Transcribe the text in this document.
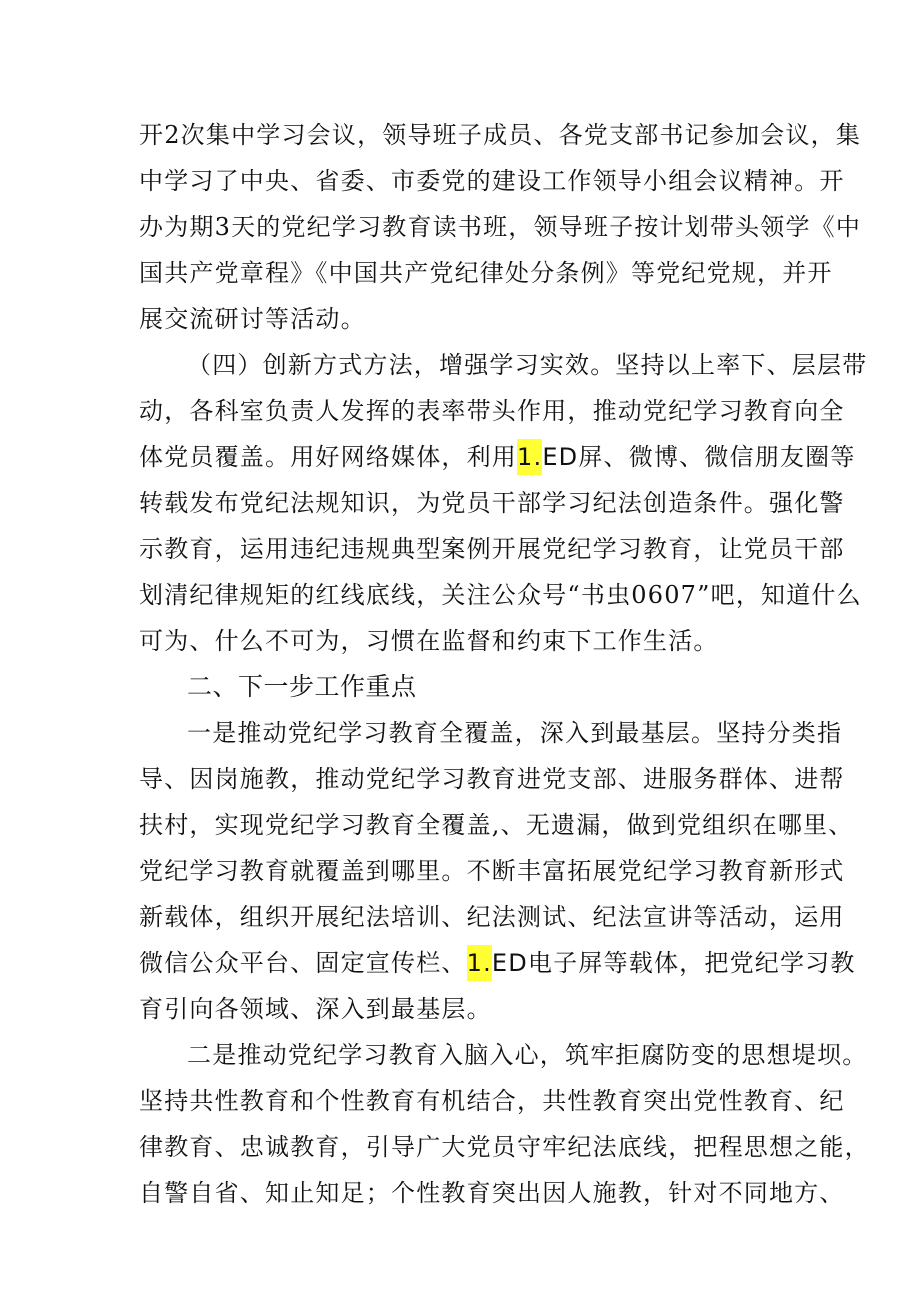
开2次集中学习会议，领导班子成员、各党支部书记参加会议，集
中学习了中央、省委、市委党的建设工作领导小组会议精神。开
办为期3天的党纪学习教育读书班，领导班子按计划带头领学《中
国共产党章程》《中国共产党纪律处分条例》等党纪党规，并开
展交流研讨等活动。
（四）创新方式方法，增强学习实效。坚持以上率下、层层带
动，各科室负责人发挥的表率带头作用，推动党纪学习教育向全
体党员覆盖。用好网络媒体，利用1.ED屏、微博、微信朋友圈等
转载发布党纪法规知识，为党员干部学习纪法创造条件。强化警
示教育，运用违纪违规典型案例开展党纪学习教育，让党员干部
划清纪律规矩的红线底线，关注公众号“书虫0607”吧，知道什么
可为、什么不可为，习惯在监督和约束下工作生活。
二、下一步工作重点
一是推动党纪学习教育全覆盖，深入到最基层。坚持分类指
导、因岗施教，推动党纪学习教育进党支部、进服务群体、进帮
扶村，实现党纪学习教育全覆盖,、无遗漏，做到党组织在哪里、
党纪学习教育就覆盖到哪里。不断丰富拓展党纪学习教育新形式
新载体，组织开展纪法培训、纪法测试、纪法宣讲等活动，运用
微信公众平台、固定宣传栏、1.ED电子屏等载体，把党纪学习教
育引向各领域、深入到最基层。
二是推动党纪学习教育入脑入心，筑牢拒腐防变的思想堤坝。
坚持共性教育和个性教育有机结合，共性教育突出党性教育、纪
律教育、忠诚教育，引导广大党员守牢纪法底线，把程思想之能，
自警自省、知止知足；个性教育突出因人施教，针对不同地方、
